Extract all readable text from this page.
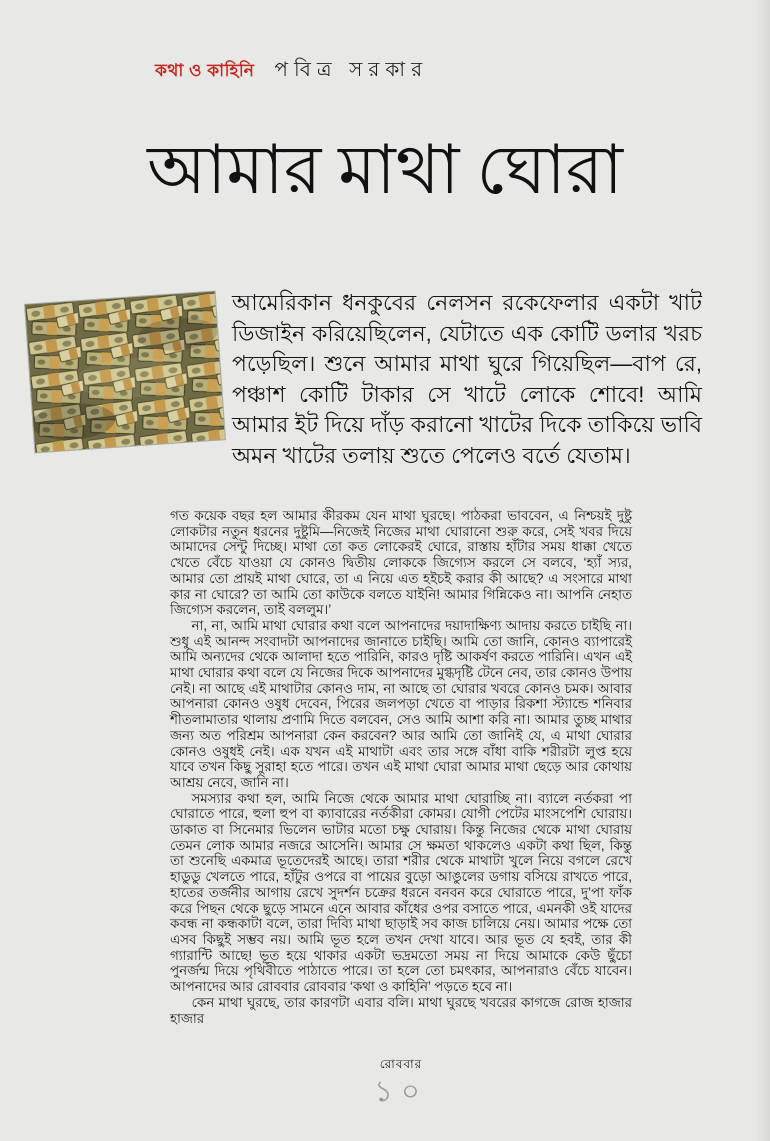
কথা ও কাহিনি পবিত্র সরকার
আমার মাথা ঘোরা
আমেরিকান ধনকুবের নেলসন রকেফেলার একটা খাট ডিজাইন করিয়েছিলেন, যেটাতে এক কোটি ডলার খরচ পড়েছিল। শুনে আমার মাথা ঘুরে গিয়েছিল—বাপ রে, পঞ্চাশ কোটি টাকার সে খাটে লোকে শোবে! আমি আমার ইট দিয়ে দাঁড় করানো খাটের দিকে তাকিয়ে ভাবি অমন খাটের তলায় শুতে পেলেও বর্তে যেতাম।

গত কয়েক বছর হল আমার কীরকম যেন মাথা ঘুরছে। পাঠকরা ভাববেন, এ নিশ্চয়ই দুষ্টু লোকটার নতুন ধরনের দুষ্টুমি—নিজেই নিজের মাথা ঘোরানো শুরু করে, সেই খবর দিয়ে আমাদের সেন্টু দিচ্ছে। মাথা তো কত লোকেরই ঘোরে, রাস্তায় হাঁটার সময় ধাক্কা খেতে খেতে বেঁচে যাওয়া যে কোনও দ্বিতীয় লোককে জিগ্যেস করলে সে বলবে, ‘হ্যাঁ স্যর, আমার তো প্রায়ই মাথা ঘোরে, তা এ নিয়ে এত হইচই করার কী আছে? এ সংসারে মাথা কার না ঘোরে? তা আমি তো কাউকে বলতে যাইনি! আমার গিন্নিকেও না। আপনি নেহাত জিগ্যেস করলেন, তাই বললুম।’

না, না, আমি মাথা ঘোরার কথা বলে আপনাদের দয়াদাক্ষিণ্য আদায় করতে চাইছি না। শুধু এই আনন্দ সংবাদটা আপনাদের জানাতে চাইছি। আমি তো জানি, কোনও ব্যাপারেই আমি অন্যদের থেকে আলাদা হতে পারিনি, কারও দৃষ্টি আকর্ষণ করতে পারিনি। এখন এই মাথা ঘোরার কথা বলে যে নিজের দিকে আপনাদের মুগ্ধদৃষ্টি টেনে নেব, তার কোনও উপায় নেই। না আছে এই মাথাটার কোনও দাম, না আছে তা ঘোরার খবরে কোনও চমক। আবার আপনারা কোনও ওষুধ দেবেন, পিরের জলপড়া খেতে বা পাড়ার রিকশা স্ট্যান্ডে শনিবার শীতলামাতার থালায় প্রণামি দিতে বলবেন, সেও আমি আশা করি না। আমার তুচ্ছ মাথার জন্য অত পরিশ্রম আপনারা কেন করবেন? আর আমি তো জানিই যে, এ মাথা ঘোরার কোনও ওষুধই নেই। এক যখন এই মাথাটা এবং তার সঙ্গে বাঁধা বাকি শরীরটা লুপ্ত হয়ে যাবে তখন কিছু সুরাহা হতে পারে। তখন এই মাথা ঘোরা আমার মাথা ছেড়ে আর কোথায় আশ্রয় নেবে, জানি না।

সমস্যার কথা হল, আমি নিজে থেকে আমার মাথা ঘোরাচ্ছি না। ব্যালে নর্তকরা পা ঘোরাতে পারে, হুলা হুপ বা ক্যাবারের নর্তকীরা কোমর। যোগী পেটের মাংসপেশি ঘোরায়। ডাকাত বা সিনেমার ভিলেন ভাটার মতো চক্ষু ঘোরায়। কিন্তু নিজের থেকে মাথা ঘোরায় তেমন লোক আমার নজরে আসেনি। আমার সে ক্ষমতা থাকলেও একটা কথা ছিল, কিন্তু তা শুনেছি একমাত্র ভূতেদেরই আছে। তারা শরীর থেকে মাথাটা খুলে নিয়ে বগলে রেখে হাডুডু খেলতে পারে, হাঁটুর ওপরে বা পায়ের বুড়ো আঙুলের ডগায় বসিয়ে রাখতে পারে, হাতের তর্জনীর আগায় রেখে সুদর্শন চক্রের ধরনে বনবন করে ঘোরাতে পারে, দু’পা ফাঁক করে পিছন থেকে ছুড়ে সামনে এনে আবার কাঁধের ওপর বসাতে পারে, এমনকী ওই যাদের কবন্ধ না কন্ধকাটা বলে, তারা দিব্যি মাথা ছাড়াই সব কাজ চালিয়ে নেয়। আমার পক্ষে তো এসব কিছুই সম্ভব নয়। আমি ভূত হলে তখন দেখা যাবে। আর ভূত যে হবই, তার কী গ্যারান্টি আছে! ভূত হয়ে থাকার একটা ভদ্রমতো সময় না দিয়ে আমাকে কেউ ছুঁচো পুনর্জন্ম দিয়ে পৃথিবীতে পাঠাতে পারে। তা হলে তো চমৎকার, আপনারাও বেঁচে যাবেন। আপনাদের আর রোববার রোববার ‘কথা ও কাহিনি’ পড়তে হবে না।

কেন মাথা ঘুরছে, তার কারণটা এবার বলি। মাথা ঘুরছে খবরের কাগজে রোজ হাজার হাজার

রোববার
১০
